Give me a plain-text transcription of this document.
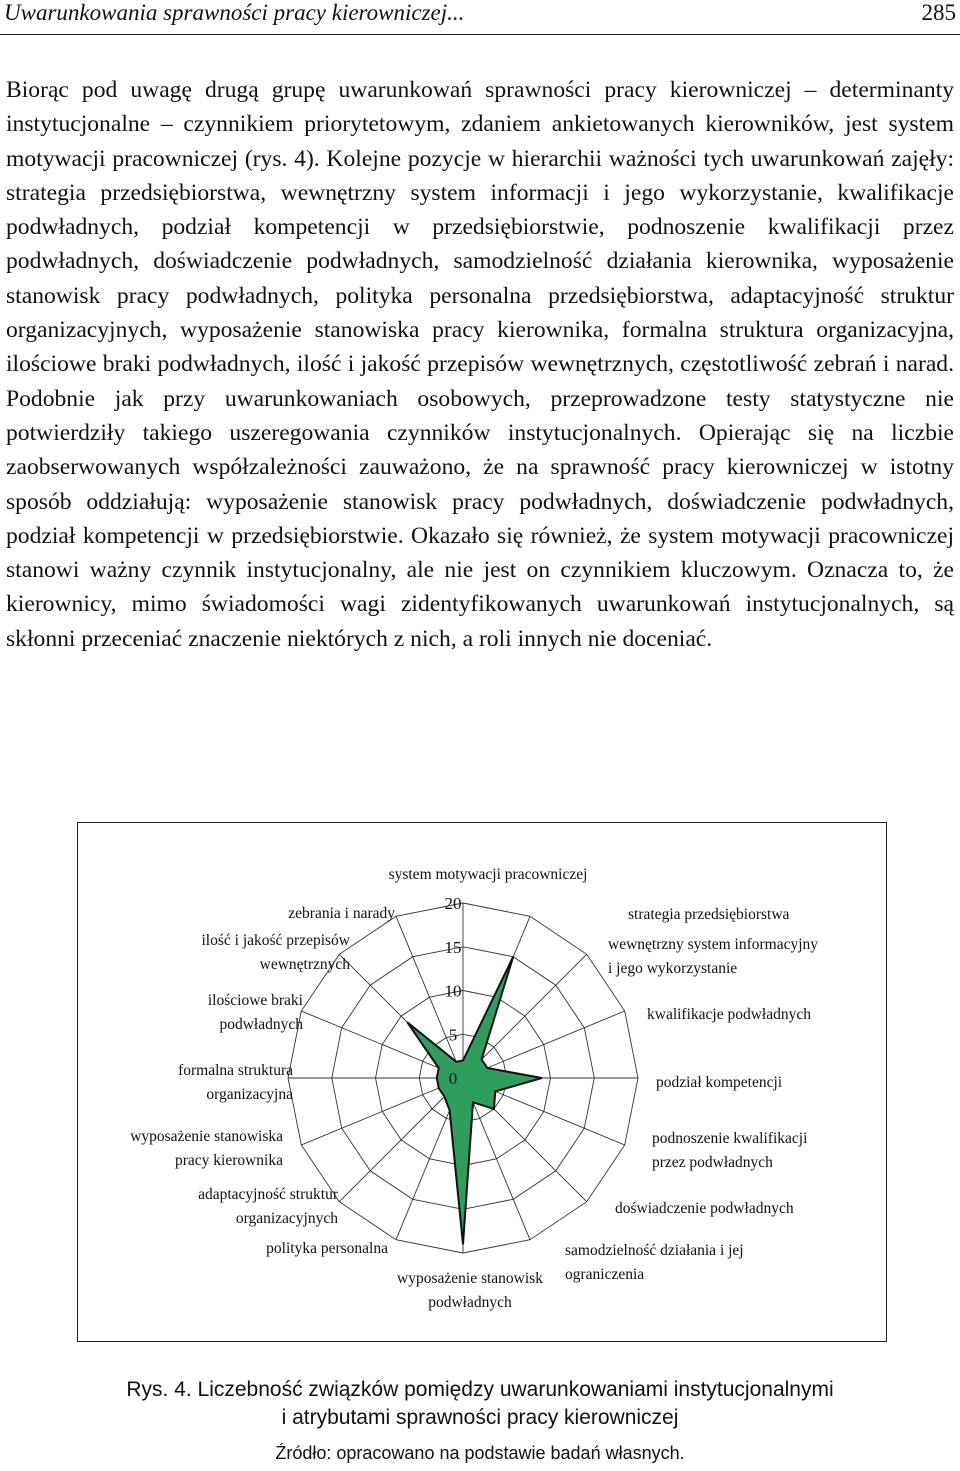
Uwarunkowania sprawności pracy kierowniczej...	285

Biorąc pod uwagę drugą grupę uwarunkowań sprawności pracy kierowniczej – determinanty instytucjonalne – czynnikiem priorytetowym, zdaniem ankietowanych kierowników, jest system motywacji pracowniczej (rys. 4). Kolejne pozycje w hierarchii ważności tych uwarunkowań zajęły: strategia przedsiębiorstwa, wewnętrzny system informacji i jego wykorzystanie, kwalifikacje podwładnych, podział kompetencji w przedsiębiorstwie, podnoszenie kwalifikacji przez podwładnych, doświadczenie podwładnych, samodzielność działania kierownika, wyposażenie stanowisk pracy podwładnych, polityka personalna przedsiębiorstwa, adaptacyjność struktur organizacyjnych, wyposażenie stanowiska pracy kierownika, formalna struktura organizacyjna, ilościowe braki podwładnych, ilość i jakość przepisów wewnętrznych, częstotliwość zebrań i narad. Podobnie jak przy uwarunkowaniach osobowych, przeprowadzone testy statystyczne nie potwierdziły takiego uszeregowania czynników instytucjonalnych. Opierając się na liczbie zaobserwowanych współzależności zauważono, że na sprawność pracy kierowniczej w istotny sposób oddziałują: wyposażenie stanowisk pracy podwładnych, doświadczenie podwładnych, podział kompetencji w przedsiębiorstwie. Okazało się również, że system motywacji pracowniczej stanowi ważny czynnik instytucjonalny, ale nie jest on czynnikiem kluczowym. Oznacza to, że kierownicy, mimo świadomości wagi zidentyfikowanych uwarunkowań instytucjonalnych, są skłonni przeceniać znaczenie niektórych z nich, a roli innych nie doceniać.

0
5
10
15
20
system motywacji pracowniczej
strategia przedsiębiorstwa
wewnętrzny system informacyjny i jego wykorzystanie
kwalifikacje podwładnych
podział kompetencji
podnoszenie kwalifikacji przez podwładnych
doświadczenie podwładnych
samodzielność działania i jej ograniczenia
wyposażenie stanowisk podwładnych
polityka personalna
adaptacyjność struktur organizacyjnych
wyposażenie stanowiska pracy kierownika
formalna struktura organizacyjna
ilościowe braki podwładnych
ilość i jakość przepisów wewnętrznych
zebrania i narady
Rys. 4. Liczebność związków pomiędzy uwarunkowaniami instytucjonalnymi
i atrybutami sprawności pracy kierowniczej
Źródło: opracowano na podstawie badań własnych.
